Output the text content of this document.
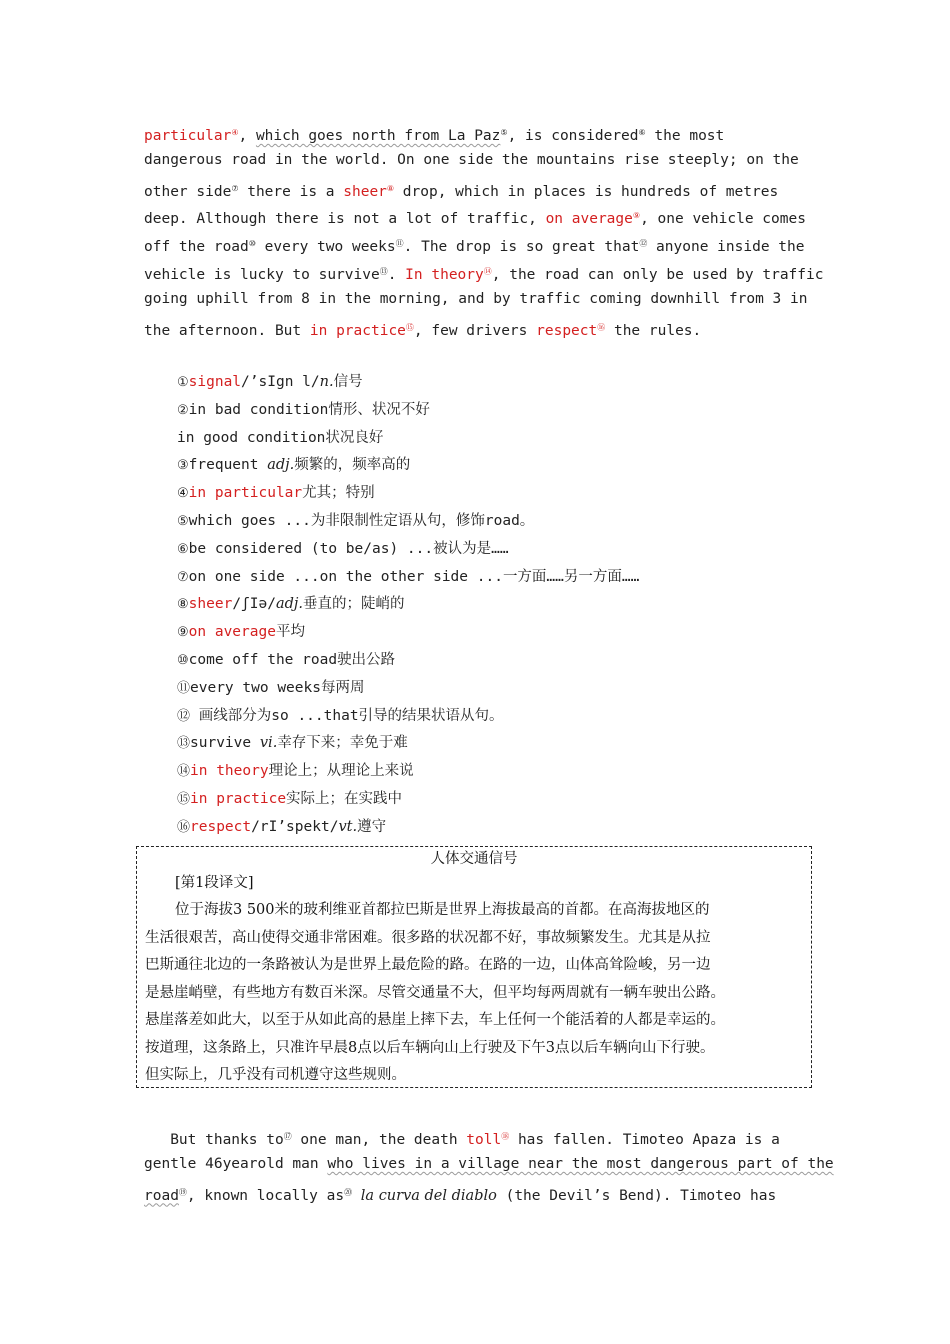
particular④, which goes north from La Paz⑤, is considered⑥ the most
dangerous road in the world. On one side the mountains rise steeply; on the
other side⑦ there is a sheer⑧ drop, which in places is hundreds of metres
deep. Although there is not a lot of traffic, on average⑨, one vehicle comes
off the road⑩ every two weeks⑪. The drop is so great that⑫ anyone inside the
vehicle is lucky to survive⑬. In theory⑭, the road can only be used by traffic
going uphill from 8 in the morning, and by traffic coming downhill from 3 in
the afternoon. But in practice⑮, few drivers respect⑯ the rules.
①signal/’sIgn l/n.信号
②in bad condition情形、状况不好
in good condition状况良好
③frequent adj.频繁的，频率高的
④in particular尤其；特别
⑤which goes ...为非限制性定语从句，修饰road。
⑥be considered (to be/as) ...被认为是……
⑦on one side ...on the other side ...一方面……另一方面……
⑧sheer/ʃIə/adj.垂直的；陡峭的
⑨on average平均
⑩come off the road驶出公路
⑪every two weeks每两周
⑫ 画线部分为so ...that引导的结果状语从句。
⑬survive vi.幸存下来；幸免于难
⑭in theory理论上；从理论上来说
⑮in practice实际上；在实践中
⑯respect/rI’spekt/vt.遵守
人体交通信号
[第1段译文]
位于海拔3 500米的玻利维亚首都拉巴斯是世界上海拔最高的首都。在高海拔地区的
生活很艰苦，高山使得交通非常困难。很多路的状况都不好，事故频繁发生。尤其是从拉
巴斯通往北边的一条路被认为是世界上最危险的路。在路的一边，山体高耸险峻，另一边
是悬崖峭壁，有些地方有数百米深。尽管交通量不大，但平均每两周就有一辆车驶出公路。
悬崖落差如此大，以至于从如此高的悬崖上摔下去，车上任何一个能活着的人都是幸运的。
按道理，这条路上，只准许早晨8点以后车辆向山上行驶及下午3点以后车辆向山下行驶。
但实际上，几乎没有司机遵守这些规则。
But thanks to⑰ one man, the death toll⑱ has fallen. Timoteo Apaza is a
gentle 46yearold man who lives in a village near the most dangerous part of the
road⑲, known locally as⑳ la curva del diablo (the Devil’s Bend). Timoteo has
